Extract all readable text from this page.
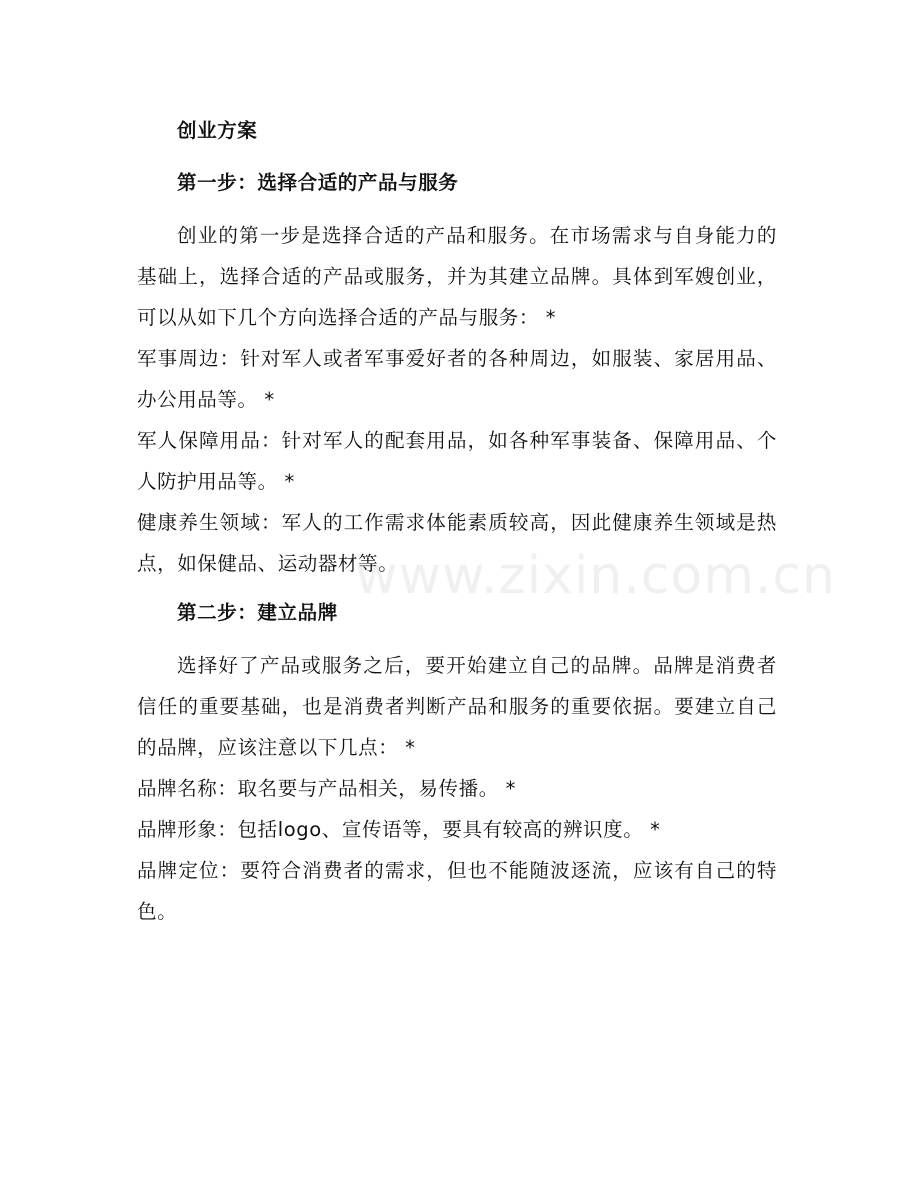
创业方案
第一步：选择合适的产品与服务
创业的第一步是选择合适的产品和服务。在市场需求与自身能力的基础上，选择合适的产品或服务，并为其建立品牌。具体到军嫂创业，可以从如下几个方向选择合适的产品与服务： *
军事周边：针对军人或者军事爱好者的各种周边，如服装、家居用品、办公用品等。 *
军人保障用品：针对军人的配套用品，如各种军事装备、保障用品、个人防护用品等。 *
健康养生领域：军人的工作需求体能素质较高，因此健康养生领域是热点，如保健品、运动器材等。
第二步：建立品牌
选择好了产品或服务之后，要开始建立自己的品牌。品牌是消费者信任的重要基础，也是消费者判断产品和服务的重要依据。要建立自己的品牌，应该注意以下几点： *
品牌名称：取名要与产品相关，易传播。 *
品牌形象：包括logo、宣传语等，要具有较高的辨识度。 *
品牌定位：要符合消费者的需求，但也不能随波逐流，应该有自己的特色。
www.zixin.com.cn
